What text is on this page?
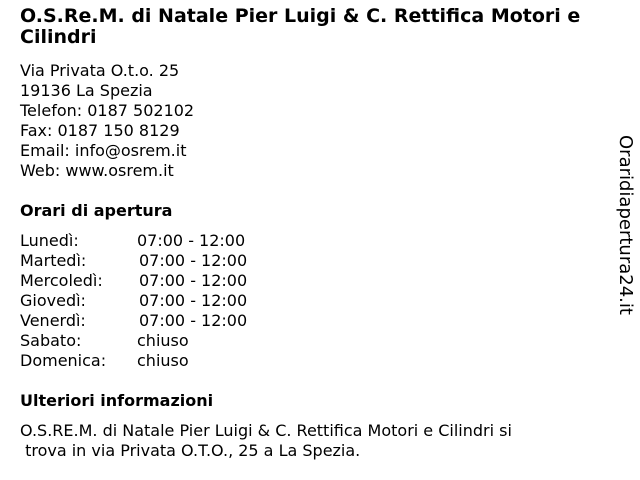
O.S.Re.M. di Natale Pier Luigi & C. Rettifica Motori e Cilindri
Via Privata O.t.o. 25
19136 La Spezia
Telefon: 0187 502102
Fax: 0187 150 8129
Email: info@osrem.it
Web: www.osrem.it
Orari di apertura
Lunedì:	07:00 - 12:00
Martedì:	07:00 - 12:00
Mercoledì: 07:00 - 12:00
Giovedì:	07:00 - 12:00
Venerdì:	07:00 - 12:00
Sabato:	chiuso
Domenica: chiuso
Ulteriori informazioni
O.S.RE.M. di Natale Pier Luigi & C. Rettifica Motori e Cilindri si
trova in via Privata O.T.O., 25 a La Spezia.
Oraridiapertura24.it
